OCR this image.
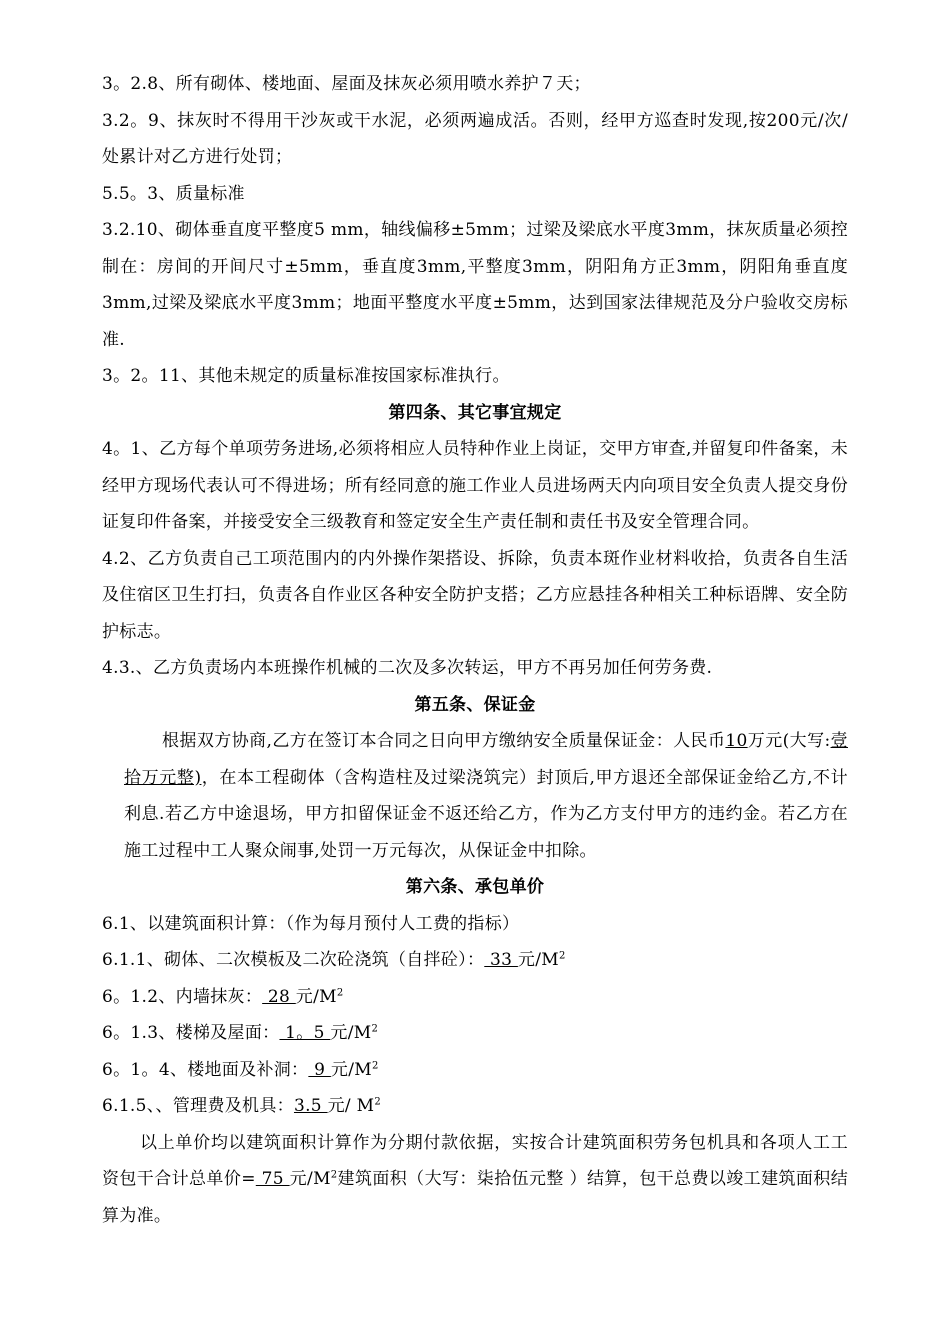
3。2.8、所有砌体、楼地面、屋面及抹灰必须用喷水养护７天；

3.2。9、抹灰时不得用干沙灰或干水泥，必须两遍成活。否则，经甲方巡查时发现,按200元/次/处累计对乙方进行处罚；

5.5。3、质量标准

3.2.10、砌体垂直度平整度5 mm，轴线偏移±5mm；过梁及梁底水平度3mm，抹灰质量必须控制在：房间的开间尺寸±5mm，垂直度3mm,平整度3mm，阴阳角方正3mm，阴阳角垂直度3mm,过梁及梁底水平度3mm；地面平整度水平度±5mm，达到国家法律规范及分户验收交房标准.

3。2。11、其他未规定的质量标准按国家标准执行。

第四条、其它事宜规定

4。1、乙方每个单项劳务进场,必须将相应人员特种作业上岗证，交甲方审查,并留复印件备案，未经甲方现场代表认可不得进场；所有经同意的施工作业人员进场两天内向项目安全负责人提交身份证复印件备案，并接受安全三级教育和签定安全生产责任制和责任书及安全管理合同。

4.2、乙方负责自己工项范围内的内外操作架搭设、拆除，负责本斑作业材料收拾，负责各自生活及住宿区卫生打扫，负责各自作业区各种安全防护支搭；乙方应悬挂各种相关工种标语牌、安全防护标志。

4.3.、乙方负责场内本班操作机械的二次及多次转运，甲方不再另加任何劳务费.

第五条、保证金

根据双方协商,乙方在签订本合同之日向甲方缴纳安全质量保证金：人民币10万元(大写:壹拾万元整)，在本工程砌体（含构造柱及过梁浇筑完）封顶后,甲方退还全部保证金给乙方,不计利息.若乙方中途退场，甲方扣留保证金不返还给乙方，作为乙方支付甲方的违约金。若乙方在施工过程中工人聚众闹事,处罚一万元每次，从保证金中扣除。

第六条、承包单价

6.1、以建筑面积计算：（作为每月预付人工费的指标）

6.1.1、砌体、二次模板及二次砼浇筑（自拌砼）： 33 元$/M^2$

6。1.2、内墙抹灰： 28 元$/M^2$

6。1.3、楼梯及屋面： 1。5 元$/M^2$

6。1。4、楼地面及补洞： 9 元$/M^2$

6.1.5、、管理费及机具：3.5 元/ $M^2$

以上单价均以建筑面积计算作为分期付款依据，实按合计建筑面积劳务包机具和各项人工工资包干合计总单价= 75 元$/M^2$建筑面积（大写：柒拾伍元整 ）结算，包干总费以竣工建筑面积结算为准。
